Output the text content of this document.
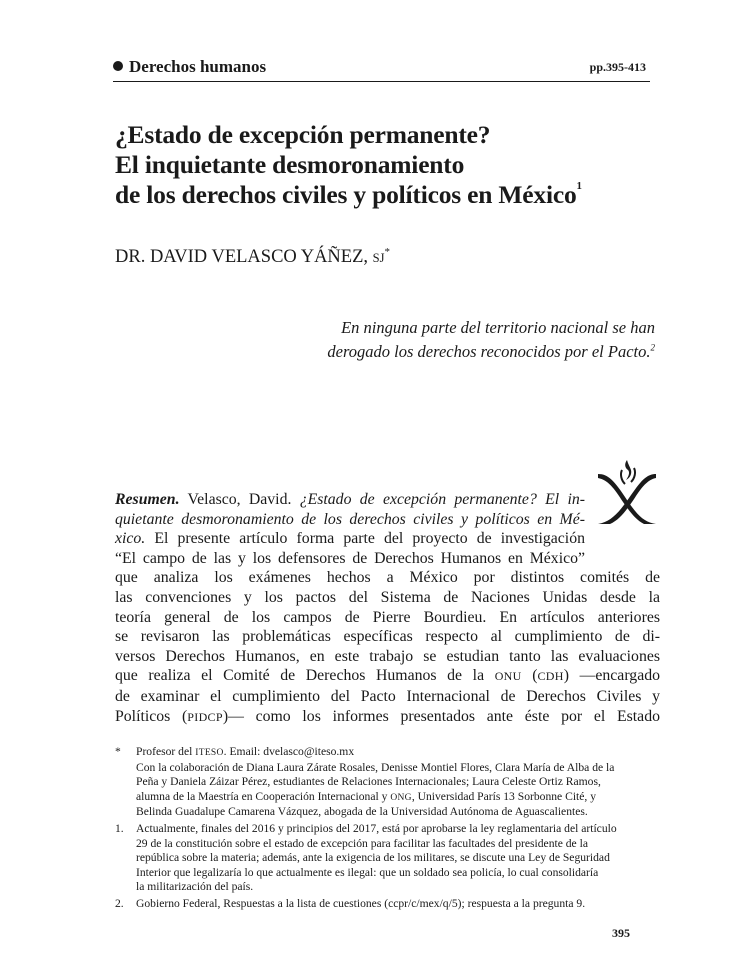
Derechos humanos	pp.395-413
¿Estado de excepción permanente?
El inquietante desmoronamiento
de los derechos civiles y políticos en México$^1$
DR. DAVID VELASCO YÁÑEZ, SJ*
En ninguna parte del territorio nacional se han
derogado los derechos reconocidos por el Pacto.$^2$
Resumen. Velasco, David. ¿Estado de excepción permanente? El in-
quietante desmoronamiento de los derechos civiles y políticos en Mé-
xico. El presente artículo forma parte del proyecto de investigación
“El campo de las y los defensores de Derechos Humanos en México”
que analiza los exámenes hechos a México por distintos comités de
las convenciones y los pactos del Sistema de Naciones Unidas desde la
teoría general de los campos de Pierre Bourdieu. En artículos anteriores
se revisaron las problemáticas específicas respecto al cumplimiento de di-
versos Derechos Humanos, en este trabajo se estudian tanto las evaluaciones
que realiza el Comité de Derechos Humanos de la ONU (CDH) —encargado
de examinar el cumplimiento del Pacto Internacional de Derechos Civiles y
Políticos (PIDCP)— como los informes presentados ante éste por el Estado
* Profesor del ITESO. Email: dvelasco@iteso.mx
Con la colaboración de Diana Laura Zárate Rosales, Denisse Montiel Flores, Clara María de Alba de la
Peña y Daniela Záizar Pérez, estudiantes de Relaciones Internacionales; Laura Celeste Ortiz Ramos,
alumna de la Maestría en Cooperación Internacional y ONG, Universidad París 13 Sorbonne Cité, y
Belinda Guadalupe Camarena Vázquez, abogada de la Universidad Autónoma de Aguascalientes.
1. Actualmente, finales del 2016 y principios del 2017, está por aprobarse la ley reglamentaria del artículo
29 de la constitución sobre el estado de excepción para facilitar las facultades del presidente de la
república sobre la materia; además, ante la exigencia de los militares, se discute una Ley de Seguridad
Interior que legalizaría lo que actualmente es ilegal: que un soldado sea policía, lo cual consolidaría
la militarización del país.
2. Gobierno Federal, Respuestas a la lista de cuestiones (ccpr/c/mex/q/5); respuesta a la pregunta 9.
395
